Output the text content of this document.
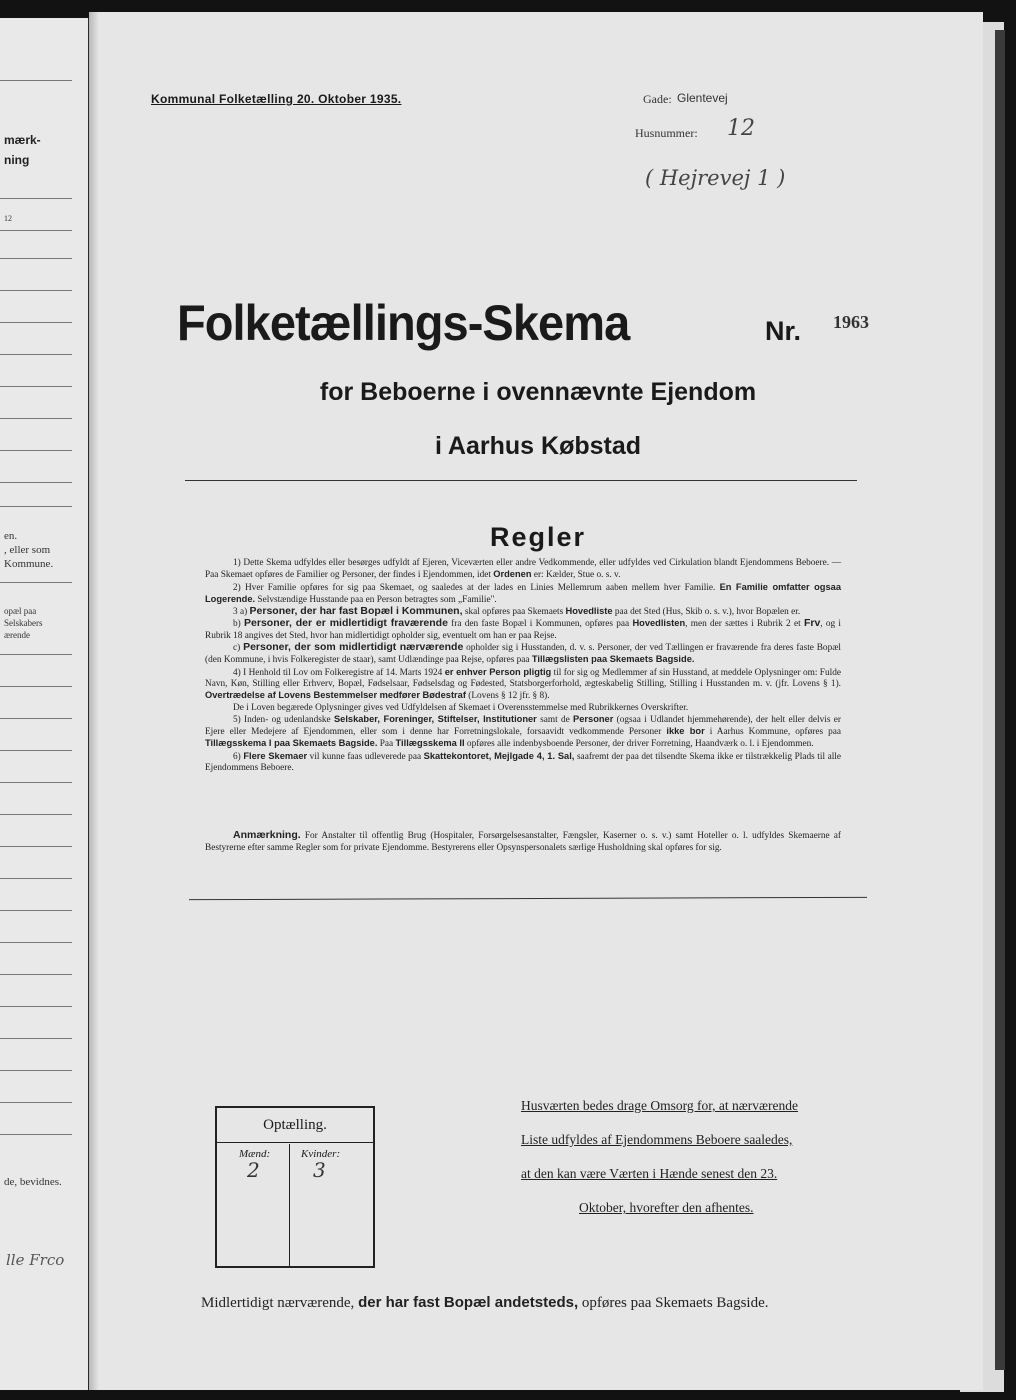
mærk-
ning
12
en.
, eller som
Kommune.
opæl paa
Selskabers
ærende
de, bevidnes.
lle Frco
Kommunal Folketælling 20. Oktober 1935.	Gade: Glentevej
Husnummer: 12
( Hejrevej 1 )
Folketællings-Skema	Nr. 1963
for Beboerne i ovennævnte Ejendom
i Aarhus Købstad
Regler

1) Dette Skema udfyldes eller besørges udfyldt af Ejeren, Viceværten eller andre Vedkommende, eller udfyldes ved Cirkulation blandt Ejendommens Beboere. — Paa Skemaet opføres de Familier og Personer, der findes i Ejendommen, idet Ordenen er: Kælder, Stue o. s. v.

2) Hver Familie opføres for sig paa Skemaet, og saaledes at der lades en Linies Mellemrum aaben mellem hver Familie. En Familie omfatter ogsaa Logerende. Selvstændige Husstande paa en Person betragtes som „Familie".

3 a) Personer, der har fast Bopæl i Kommunen, skal opføres paa Skemaets Hovedliste paa det Sted (Hus, Skib o. s. v.), hvor Bopælen er.

b) Personer, der er midlertidigt fraværende fra den faste Bopæl i Kommunen, opføres paa Hovedlisten, men der sættes i Rubrik 2 et Frv, og i Rubrik 18 angives det Sted, hvor han midlertidigt opholder sig, eventuelt om han er paa Rejse.

c) Personer, der som midlertidigt nærværende opholder sig i Husstanden, d. v. s. Personer, der ved Tællingen er fraværende fra deres faste Bopæl (den Kommune, i hvis Folkeregister de staar), samt Udlændinge paa Rejse, opføres paa Tillægslisten paa Skemaets Bagside.

4) I Henhold til Lov om Folkeregistre af 14. Marts 1924 er enhver Person pligtig til for sig og Medlemmer af sin Husstand, at meddele Oplysninger om: Fulde Navn, Køn, Stilling eller Erhverv, Bopæl, Fødselsaar, Fødselsdag og Fødested, Statsborgerforhold, ægteskabelig Stilling, Stilling i Husstanden m. v. (jfr. Lovens § 1). Overtrædelse af Lovens Bestemmelser medfører Bødestraf (Lovens § 12 jfr. § 8).

De i Loven begærede Oplysninger gives ved Udfyldelsen af Skemaet i Overensstemmelse med Rubrikkernes Overskrifter.

5) Inden- og udenlandske Selskaber, Foreninger, Stiftelser, Institutioner samt de Personer (ogsaa i Udlandet hjemmehørende), der helt eller delvis er Ejere eller Medejere af Ejendommen, eller som i denne har Forretningslokale, forsaavidt vedkommende Personer ikke bor i Aarhus Kommune, opføres paa Tillægsskema I paa Skemaets Bagside. Paa Tillægsskema II opføres alle indenbysboende Personer, der driver Forretning, Haandværk o. l. i Ejendommen.

6) Flere Skemaer vil kunne faas udleverede paa Skattekontoret, Mejlgade 4, 1. Sal, saafremt der paa det tilsendte Skema ikke er tilstrækkelig Plads til alle Ejendommens Beboere.

Anmærkning. For Anstalter til offentlig Brug (Hospitaler, Forsørgelsesanstalter, Fængsler, Kaserner o. s. v.) samt Hoteller o. l. udfyldes Skemaerne af Bestyrerne efter samme Regler som for private Ejendomme. Bestyrerens eller Opsynspersonalets særlige Husholdning skal opføres for sig.

Optælling.
Mænd:	Kvinder:
2	3
Husværten bedes drage Omsorg for, at nærværende
Liste udfyldes af Ejendommens Beboere saaledes,
at den kan være Værten i Hænde senest den 23.
Oktober, hvorefter den afhentes.
Midlertidigt nærværende, der har fast Bopæl andetsteds, opføres paa Skemaets Bagside.
